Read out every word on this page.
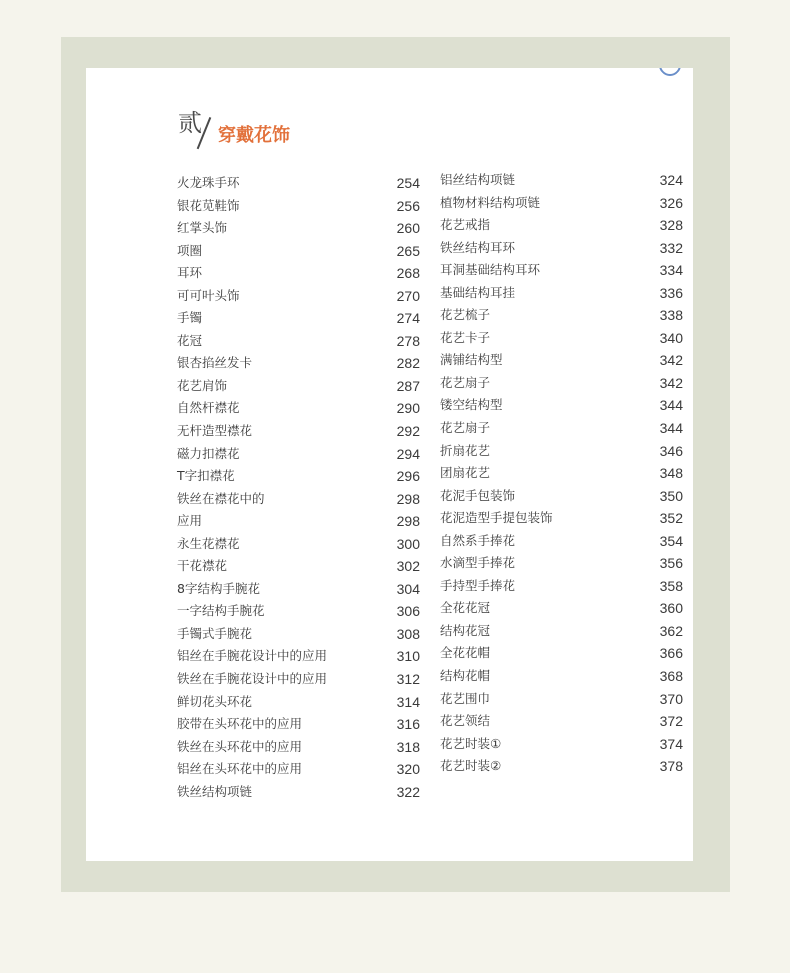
贰 穿戴花饰
火龙珠手环	254
银花苋鞋饰	256
红掌头饰	260
项圈	265
耳环	268
可可叶头饰	270
手镯	274
花冠	278
银杏掐丝发卡	282
花艺肩饰	287
自然杆襟花	290
无杆造型襟花	292
磁力扣襟花	294
T字扣襟花	296
铁丝在襟花中的	298
应用	298
永生花襟花	300
干花襟花	302
8字结构手腕花	304
一字结构手腕花	306
手镯式手腕花	308
铝丝在手腕花设计中的应用	310
铁丝在手腕花设计中的应用	312
鲜切花头环花	314
胶带在头环花中的应用	316
铁丝在头环花中的应用	318
铝丝在头环花中的应用	320
铁丝结构项链	322
铝丝结构项链	324
植物材料结构项链	326
花艺戒指	328
铁丝结构耳环	332
耳洞基础结构耳环	334
基础结构耳挂	336
花艺梳子	338
花艺卡子	340
满铺结构型	342
花艺扇子	342
镂空结构型	344
花艺扇子	344
折扇花艺	346
团扇花艺	348
花泥手包装饰	350
花泥造型手提包装饰	352
自然系手捧花	354
水滴型手捧花	356
手持型手捧花	358
全花花冠	360
结构花冠	362
全花花帽	366
结构花帽	368
花艺围巾	370
花艺领结	372
花艺时装①	374
花艺时装②	378
